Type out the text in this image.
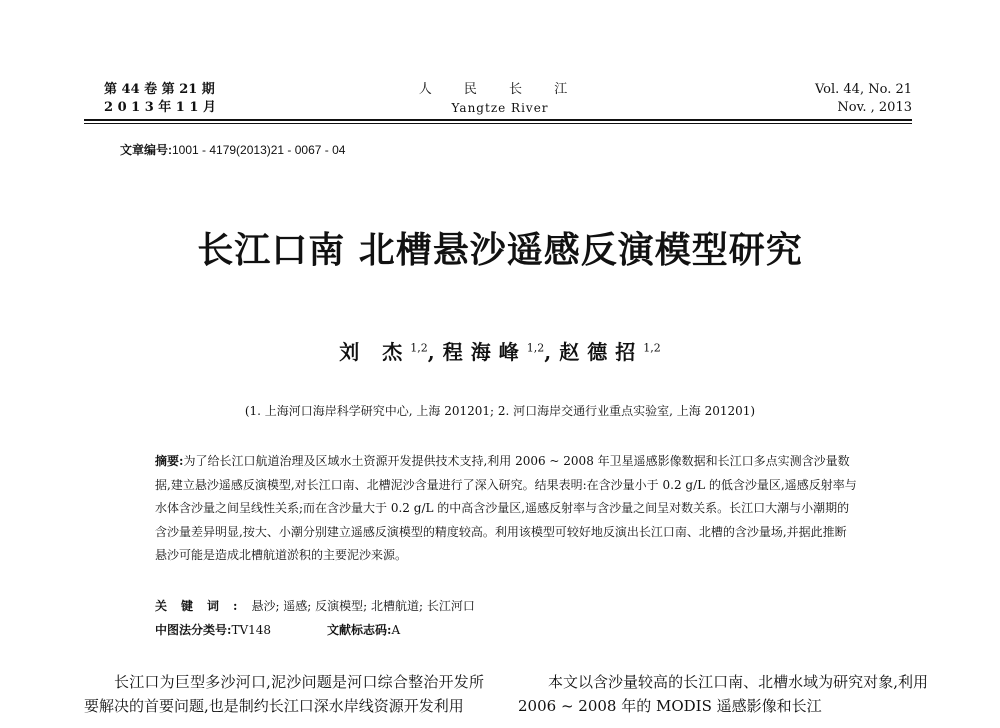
第 44 卷 第 21 期
2 0 1 3 年 1 1 月
人 民 长 江
Yangtze River
Vol. 44, No. 21
Nov. , 2013
文章编号:1001 - 4179(2013)21 - 0067 - 04
长江口南 北槽悬沙遥感反演模型研究
刘 杰$^{1,2}$,程海峰$^{1,2}$,赵德招$^{1,2}$
(1. 上海河口海岸科学研究中心, 上海 201201; 2. 河口海岸交通行业重点实验室, 上海 201201)
摘要:为了给长江口航道治理及区域水土资源开发提供技术支持,利用 2006 ~ 2008 年卫星遥感影像数据和长江口多点实测含沙量数据,建立悬沙遥感反演模型,对长江口南、北槽泥沙含量进行了深入研究。结果表明:在含沙量小于 0.2 g/L 的低含沙量区,遥感反射率与水体含沙量之间呈线性关系;而在含沙量大于 0.2 g/L 的中高含沙量区,遥感反射率与含沙量之间呈对数关系。长江口大潮与小潮期的含沙量差异明显,按大、小潮分别建立遥感反演模型的精度较高。利用该模型可较好地反演出长江口南、北槽的含沙量场,并据此推断悬沙可能是造成北槽航道淤积的主要泥沙来源。
关键词:悬沙; 遥感; 反演模型; 北槽航道; 长江河口
中图法分类号:TV148	文献标志码:A
长江口为巨型多沙河口,泥沙问题是河口综合整治开发所要解决的首要问题,也是制约长江口深水岸线资源开发利用
本文以含沙量较高的长江口南、北槽水域为研究对象,利用 2006 ~ 2008 年的 MODIS 遥感影像和长江
